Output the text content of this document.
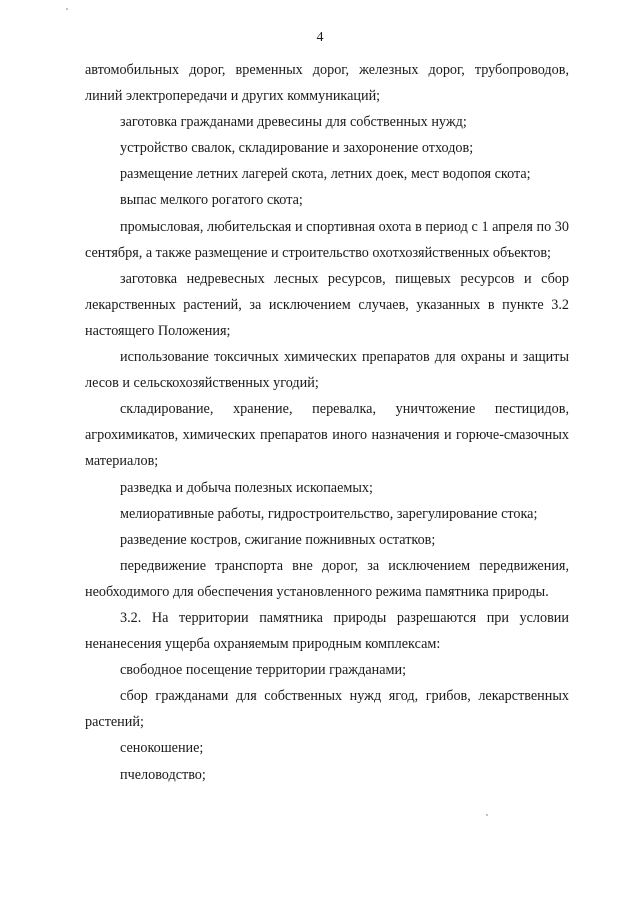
4

автомобильных дорог, временных дорог, железных дорог, трубопроводов, линий электропередачи и других коммуникаций;

заготовка гражданами древесины для собственных нужд;

устройство свалок, складирование и захоронение отходов;

размещение летних лагерей скота, летних доек, мест водопоя скота;

выпас мелкого рогатого скота;

промысловая, любительская и спортивная охота в период с 1 апреля по 30 сентября, а также размещение и строительство охотхозяйственных объектов;

заготовка недревесных лесных ресурсов, пищевых ресурсов и сбор лекарственных растений, за исключением случаев, указанных в пункте 3.2 настоящего Положения;

использование токсичных химических препаратов для охраны и защиты лесов и сельскохозяйственных угодий;

складирование, хранение, перевалка, уничтожение пестицидов, агрохимикатов, химических препаратов иного назначения и горюче-смазочных материалов;

разведка и добыча полезных ископаемых;

мелиоративные работы, гидростроительство, зарегулирование стока;

разведение костров, сжигание пожнивных остатков;

передвижение транспорта вне дорог, за исключением передвижения, необходимого для обеспечения установленного режима памятника природы.

3.2. На территории памятника природы разрешаются при условии ненанесения ущерба охраняемым природным комплексам:

свободное посещение территории гражданами;

сбор гражданами для собственных нужд ягод, грибов, лекарственных растений;

сенокошение;

пчеловодство;
